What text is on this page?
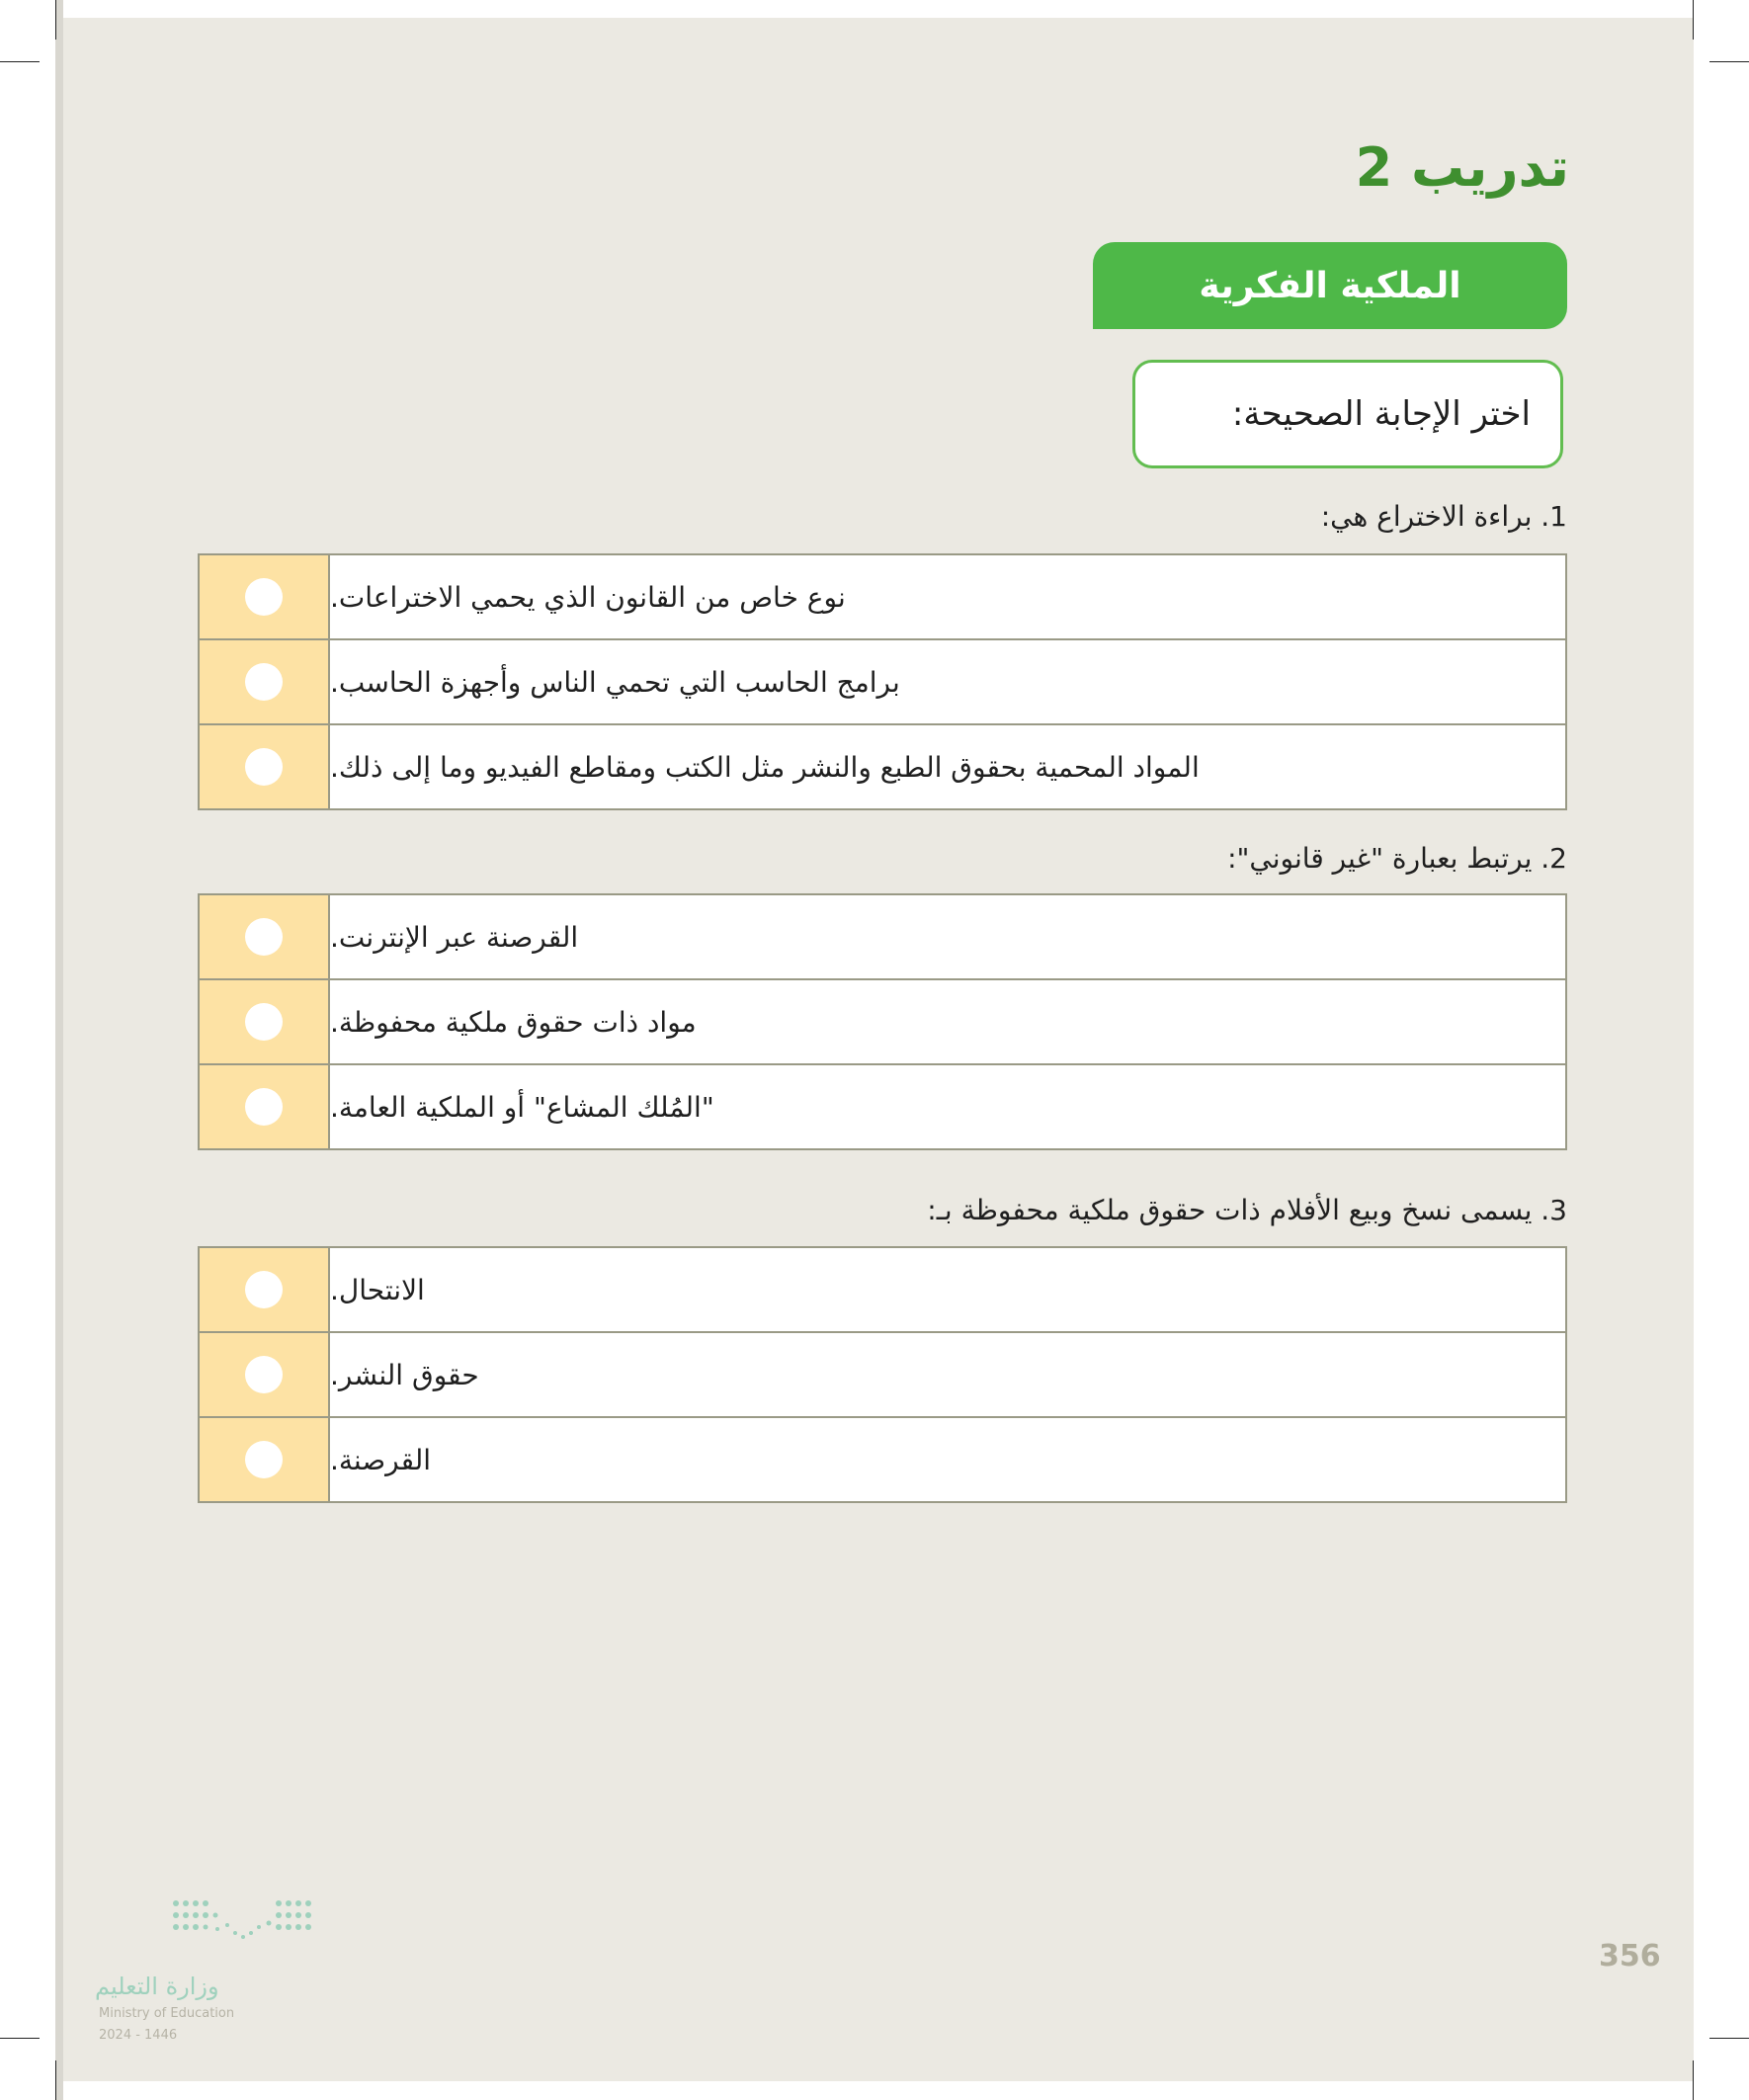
تدريب 2
الملكية الفكرية
اختر الإجابة الصحيحة:

1. براءة الاختراع هي:

نوع خاص من القانون الذي يحمي الاختراعات.
برامج الحاسب التي تحمي الناس وأجهزة الحاسب.
المواد المحمية بحقوق الطبع والنشر مثل الكتب ومقاطع الفيديو وما إلى ذلك.

2. يرتبط بعبارة "غير قانوني":

القرصنة عبر الإنترنت.
مواد ذات حقوق ملكية محفوظة.
"المُلك المشاع" أو الملكية العامة.

3. يسمى نسخ وبيع الأفلام ذات حقوق ملكية محفوظة بـ:

الانتحال.
حقوق النشر.
القرصنة.

356

وزارة التعليم

Ministry of Education

2024 - 1446
